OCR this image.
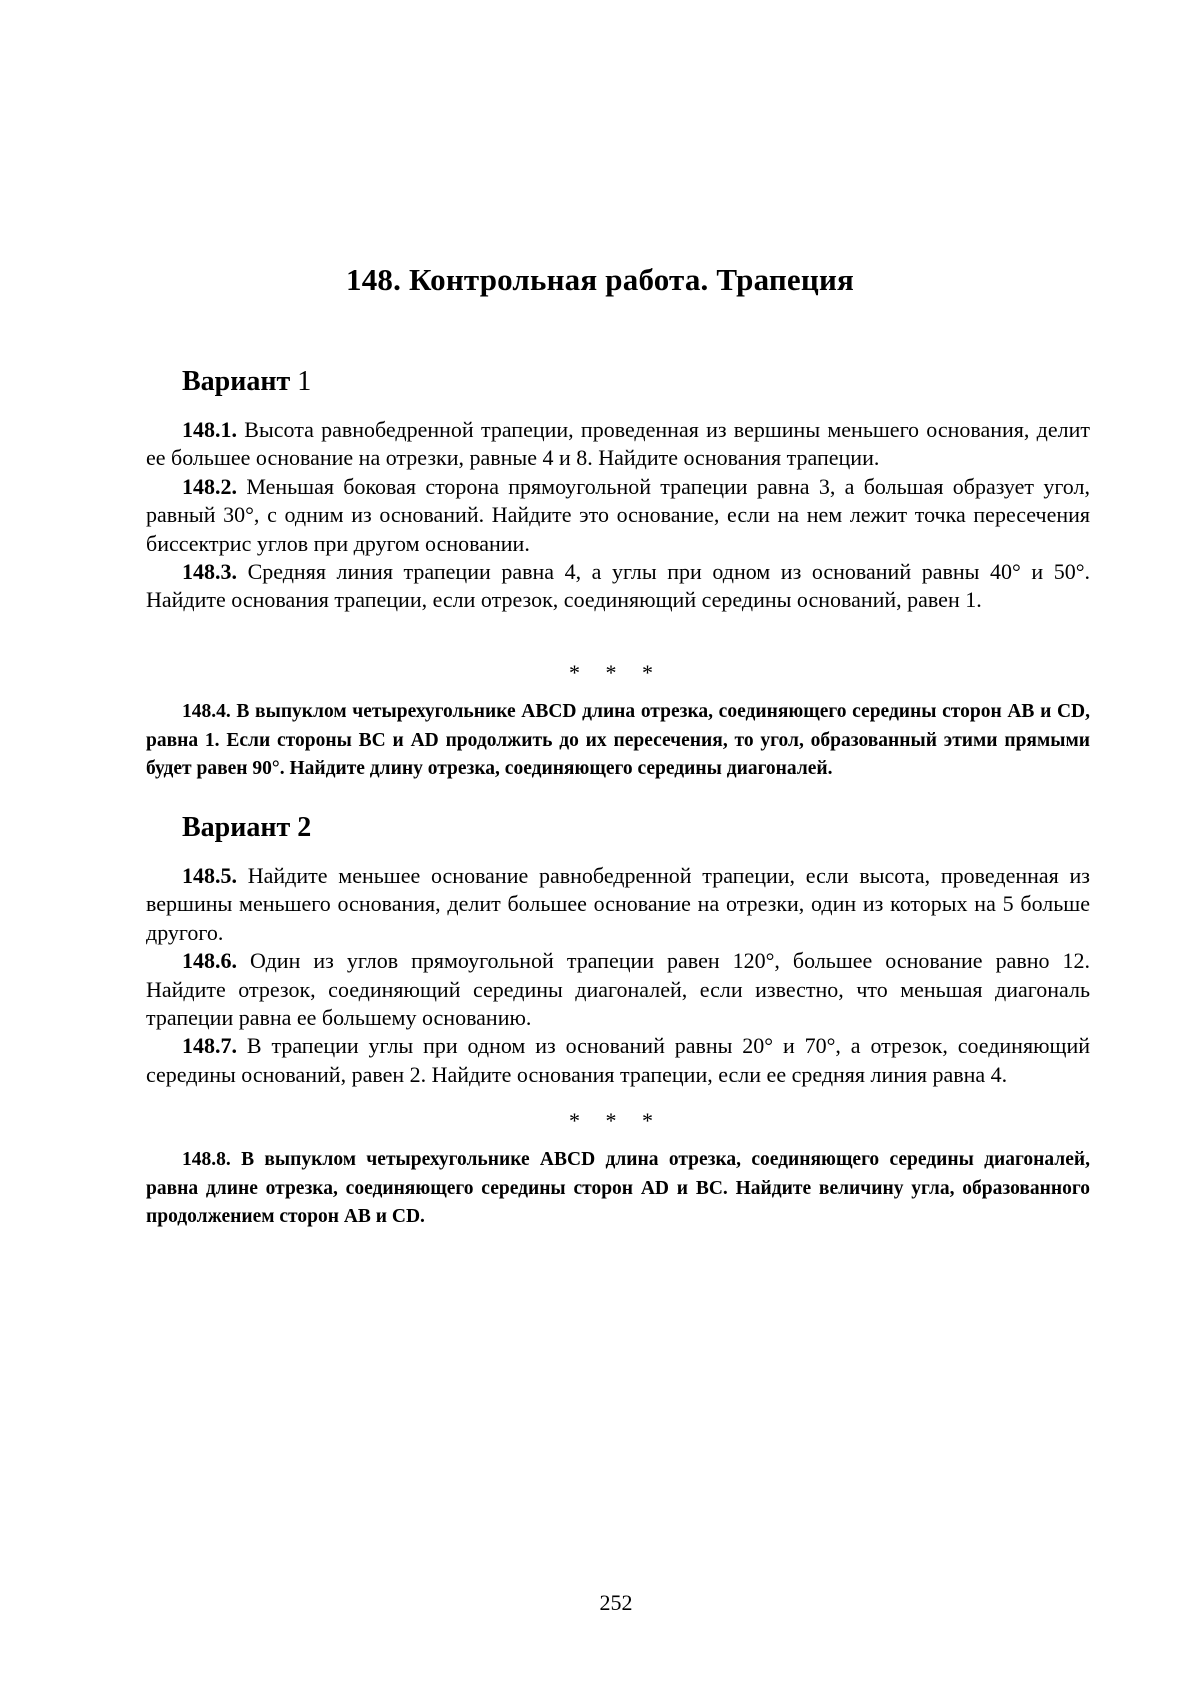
148. Контрольная работа. Трапеция
Вариант 1

148.1. Высота равнобедренной трапеции, проведенная из вершины меньшего основания, делит ее большее основание на отрезки, равные 4 и 8. Найдите основания трапеции.

148.2. Меньшая боковая сторона прямоугольной трапеции равна 3, а большая образует угол, равный 30°, с одним из оснований. Найдите это основание, если на нем лежит точка пересечения биссектрис углов при другом основании.

148.3. Средняя линия трапеции равна 4, а углы при одном из оснований равны 40° и 50°. Найдите основания трапеции, если отрезок, соединяющий середины оснований, равен 1.

* * *

148.4. В выпуклом четырехугольнике ABCD длина отрезка, соединяющего середины сторон AB и CD, равна 1. Если стороны BC и AD продолжить до их пересечения, то угол, образованный этими прямыми будет равен 90°. Найдите длину отрезка, соединяющего середины диагоналей.

Вариант 2

148.5. Найдите меньшее основание равнобедренной трапеции, если высота, проведенная из вершины меньшего основания, делит большее основание на отрезки, один из которых на 5 больше другого.

148.6. Один из углов прямоугольной трапеции равен 120°, большее основание равно 12. Найдите отрезок, соединяющий середины диагоналей, если известно, что меньшая диагональ трапеции равна ее большему основанию.

148.7. В трапеции углы при одном из оснований равны 20° и 70°, а отрезок, соединяющий середины оснований, равен 2. Найдите основания трапеции, если ее средняя линия равна 4.

* * *

148.8. В выпуклом четырехугольнике ABCD длина отрезка, соединяющего середины диагоналей, равна длине отрезка, соединяющего середины сторон AD и BC. Найдите величину угла, образованного продолжением сторон AB и CD.

252
